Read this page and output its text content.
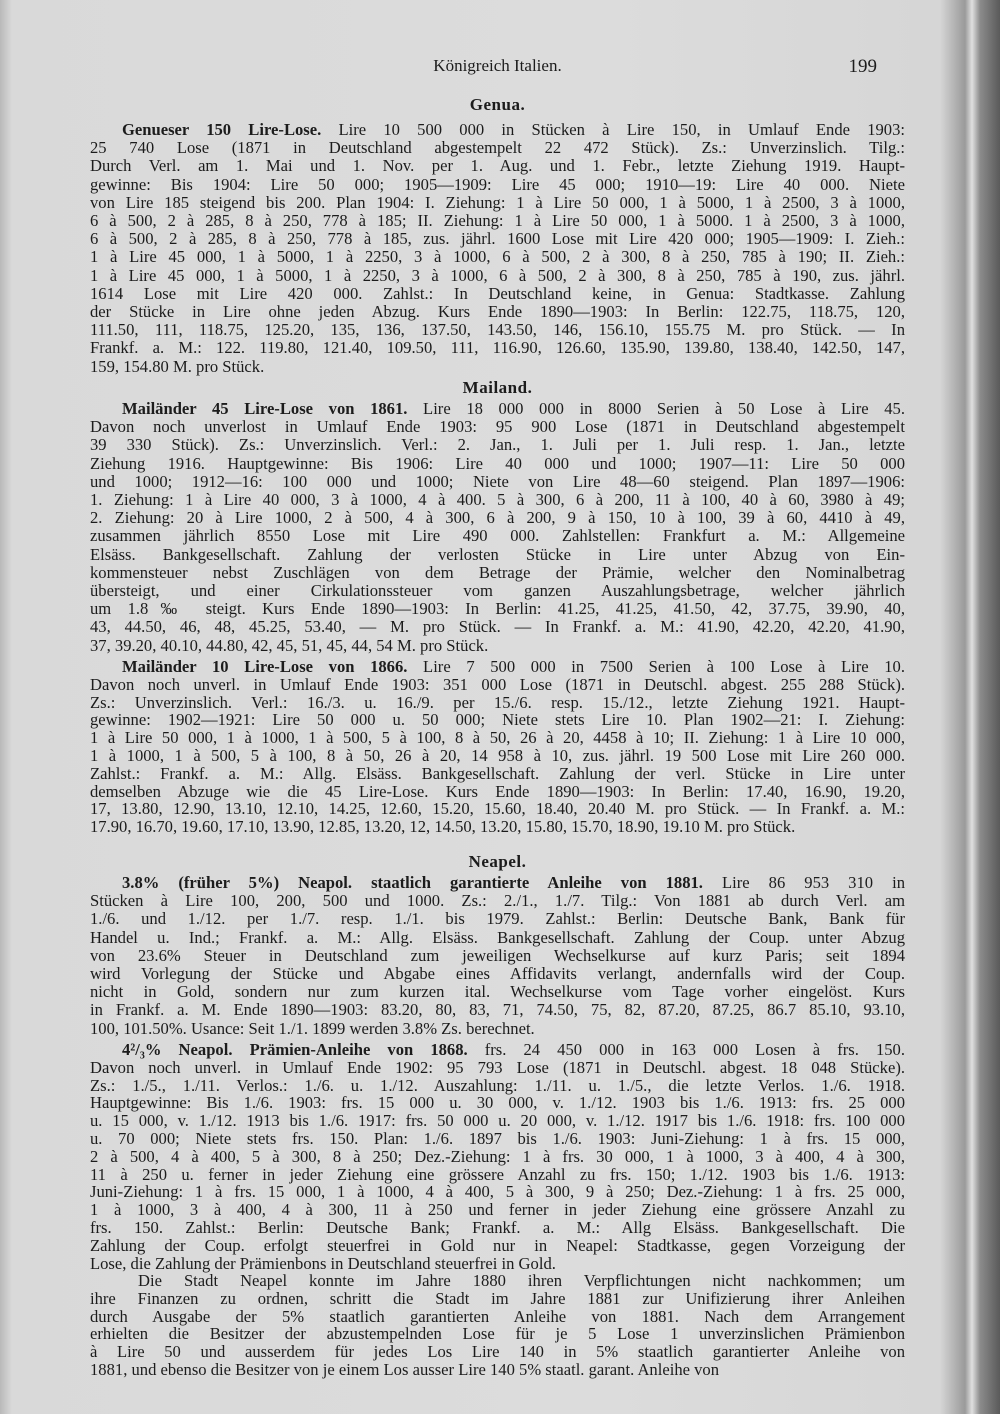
Königreich Italien.	199
Genua.
Genueser 150 Lire-Lose. Lire 10 500 000 in Stücken à Lire 150, in Umlauf Ende 1903:
25 740 Lose (1871 in Deutschland abgestempelt 22 472 Stück). Zs.: Unverzinslich. Tilg.:
Durch Verl. am 1. Mai und 1. Nov. per 1. Aug. und 1. Febr., letzte Ziehung 1919. Haupt-
gewinne: Bis 1904: Lire 50 000; 1905—1909: Lire 45 000; 1910—19: Lire 40 000. Niete
von Lire 185 steigend bis 200. Plan 1904: I. Ziehung: 1 à Lire 50 000, 1 à 5000, 1 à 2500, 3 à 1000,
6 à 500, 2 à 285, 8 à 250, 778 à 185; II. Ziehung: 1 à Lire 50 000, 1 à 5000. 1 à 2500, 3 à 1000,
6 à 500, 2 à 285, 8 à 250, 778 à 185, zus. jährl. 1600 Lose mit Lire 420 000; 1905—1909: I. Zieh.:
1 à Lire 45 000, 1 à 5000, 1 à 2250, 3 à 1000, 6 à 500, 2 à 300, 8 à 250, 785 à 190; II. Zieh.:
1 à Lire 45 000, 1 à 5000, 1 à 2250, 3 à 1000, 6 à 500, 2 à 300, 8 à 250, 785 à 190, zus. jährl.
1614 Lose mit Lire 420 000. Zahlst.: In Deutschland keine, in Genua: Stadtkasse. Zahlung
der Stücke in Lire ohne jeden Abzug. Kurs Ende 1890—1903: In Berlin: 122.75, 118.75, 120,
111.50, 111, 118.75, 125.20, 135, 136, 137.50, 143.50, 146, 156.10, 155.75 M. pro Stück. — In
Frankf. a. M.: 122. 119.80, 121.40, 109.50, 111, 116.90, 126.60, 135.90, 139.80, 138.40, 142.50, 147,
159, 154.80 M. pro Stück.
Mailand.
Mailänder 45 Lire-Lose von 1861. Lire 18 000 000 in 8000 Serien à 50 Lose à Lire 45.
Davon noch unverlost in Umlauf Ende 1903: 95 900 Lose (1871 in Deutschland abgestempelt
39 330 Stück). Zs.: Unverzinslich. Verl.: 2. Jan., 1. Juli per 1. Juli resp. 1. Jan., letzte
Ziehung 1916. Hauptgewinne: Bis 1906: Lire 40 000 und 1000; 1907—11: Lire 50 000
und 1000; 1912—16: 100 000 und 1000; Niete von Lire 48—60 steigend. Plan 1897—1906:
1. Ziehung: 1 à Lire 40 000, 3 à 1000, 4 à 400. 5 à 300, 6 à 200, 11 à 100, 40 à 60, 3980 à 49;
2. Ziehung: 20 à Lire 1000, 2 à 500, 4 à 300, 6 à 200, 9 à 150, 10 à 100, 39 à 60, 4410 à 49,
zusammen jährlich 8550 Lose mit Lire 490 000. Zahlstellen: Frankfurt a. M.: Allgemeine
Elsäss. Bankgesellschaft. Zahlung der verlosten Stücke in Lire unter Abzug von Ein-
kommensteuer nebst Zuschlägen von dem Betrage der Prämie, welcher den Nominalbetrag
übersteigt, und einer Cirkulationssteuer vom ganzen Auszahlungsbetrage, welcher jährlich
um 1.8‰ steigt. Kurs Ende 1890—1903: In Berlin: 41.25, 41.25, 41.50, 42, 37.75, 39.90, 40,
43, 44.50, 46, 48, 45.25, 53.40, — M. pro Stück. — In Frankf. a. M.: 41.90, 42.20, 42.20, 41.90,
37, 39.20, 40.10, 44.80, 42, 45, 51, 45, 44, 54 M. pro Stück.
Mailänder 10 Lire-Lose von 1866. Lire 7 500 000 in 7500 Serien à 100 Lose à Lire 10.
Davon noch unverl. in Umlauf Ende 1903: 351 000 Lose (1871 in Deutschl. abgest. 255 288 Stück).
Zs.: Unverzinslich. Verl.: 16./3. u. 16./9. per 15./6. resp. 15./12., letzte Ziehung 1921. Haupt-
gewinne: 1902—1921: Lire 50 000 u. 50 000; Niete stets Lire 10. Plan 1902—21: I. Ziehung:
1 à Lire 50 000, 1 à 1000, 1 à 500, 5 à 100, 8 à 50, 26 à 20, 4458 à 10; II. Ziehung: 1 à Lire 10 000,
1 à 1000, 1 à 500, 5 à 100, 8 à 50, 26 à 20, 14 958 à 10, zus. jährl. 19 500 Lose mit Lire 260 000.
Zahlst.: Frankf. a. M.: Allg. Elsäss. Bankgesellschaft. Zahlung der verl. Stücke in Lire unter
demselben Abzuge wie die 45 Lire-Lose. Kurs Ende 1890—1903: In Berlin: 17.40, 16.90, 19.20,
17, 13.80, 12.90, 13.10, 12.10, 14.25, 12.60, 15.20, 15.60, 18.40, 20.40 M. pro Stück. — In Frankf. a. M.:
17.90, 16.70, 19.60, 17.10, 13.90, 12.85, 13.20, 12, 14.50, 13.20, 15.80, 15.70, 18.90, 19.10 M. pro Stück.
Neapel.
3.8% (früher 5%) Neapol. staatlich garantierte Anleihe von 1881. Lire 86 953 310 in
Stücken à Lire 100, 200, 500 und 1000. Zs.: 2./1., 1./7. Tilg.: Von 1881 ab durch Verl. am
1./6. und 1./12. per 1./7. resp. 1./1. bis 1979. Zahlst.: Berlin: Deutsche Bank, Bank für
Handel u. Ind.; Frankf. a. M.: Allg. Elsäss. Bankgesellschaft. Zahlung der Coup. unter Abzug
von 23.6% Steuer in Deutschland zum jeweiligen Wechselkurse auf kurz Paris; seit 1894
wird Vorlegung der Stücke und Abgabe eines Affidavits verlangt, andernfalls wird der Coup.
nicht in Gold, sondern nur zum kurzen ital. Wechselkurse vom Tage vorher eingelöst. Kurs
in Frankf. a. M. Ende 1890—1903: 83.20, 80, 83, 71, 74.50, 75, 82, 87.20, 87.25, 86.7 85.10, 93.10,
100, 101.50%. Usance: Seit 1./1. 1899 werden 3.8% Zs. berechnet.
4²/₃% Neapol. Prämien-Anleihe von 1868. frs. 24 450 000 in 163 000 Losen à frs. 150.
Davon noch unverl. in Umlauf Ende 1902: 95 793 Lose (1871 in Deutschl. abgest. 18 048 Stücke).
Zs.: 1./5., 1./11. Verlos.: 1./6. u. 1./12. Auszahlung: 1./11. u. 1./5., die letzte Verlos. 1./6. 1918.
Hauptgewinne: Bis 1./6. 1903: frs. 15 000 u. 30 000, v. 1./12. 1903 bis 1./6. 1913: frs. 25 000
u. 15 000, v. 1./12. 1913 bis 1./6. 1917: frs. 50 000 u. 20 000, v. 1./12. 1917 bis 1./6. 1918: frs. 100 000
u. 70 000; Niete stets frs. 150. Plan: 1./6. 1897 bis 1./6. 1903: Juni-Ziehung: 1 à frs. 15 000,
2 à 500, 4 à 400, 5 à 300, 8 à 250; Dez.-Ziehung: 1 à frs. 30 000, 1 à 1000, 3 à 400, 4 à 300,
11 à 250 u. ferner in jeder Ziehung eine grössere Anzahl zu frs. 150; 1./12. 1903 bis 1./6. 1913:
Juni-Ziehung: 1 à frs. 15 000, 1 à 1000, 4 à 400, 5 à 300, 9 à 250; Dez.-Ziehung: 1 à frs. 25 000,
1 à 1000, 3 à 400, 4 à 300, 11 à 250 und ferner in jeder Ziehung eine grössere Anzahl zu
frs. 150. Zahlst.: Berlin: Deutsche Bank; Frankf. a. M.: Allg Elsäss. Bankgesellschaft. Die
Zahlung der Coup. erfolgt steuerfrei in Gold nur in Neapel: Stadtkasse, gegen Vorzeigung der
Lose, die Zahlung der Prämienbons in Deutschland steuerfrei in Gold.
Die Stadt Neapel konnte im Jahre 1880 ihren Verpflichtungen nicht nachkommen; um
ihre Finanzen zu ordnen, schritt die Stadt im Jahre 1881 zur Unifizierung ihrer Anleihen
durch Ausgabe der 5% staatlich garantierten Anleihe von 1881. Nach dem Arrangement
erhielten die Besitzer der abzustempelnden Lose für je 5 Lose 1 unverzinslichen Prämienbon
à Lire 50 und ausserdem für jedes Los Lire 140 in 5% staatlich garantierter Anleihe von
1881, und ebenso die Besitzer von je einem Los ausser Lire 140 5% staatl. garant. Anleihe von
